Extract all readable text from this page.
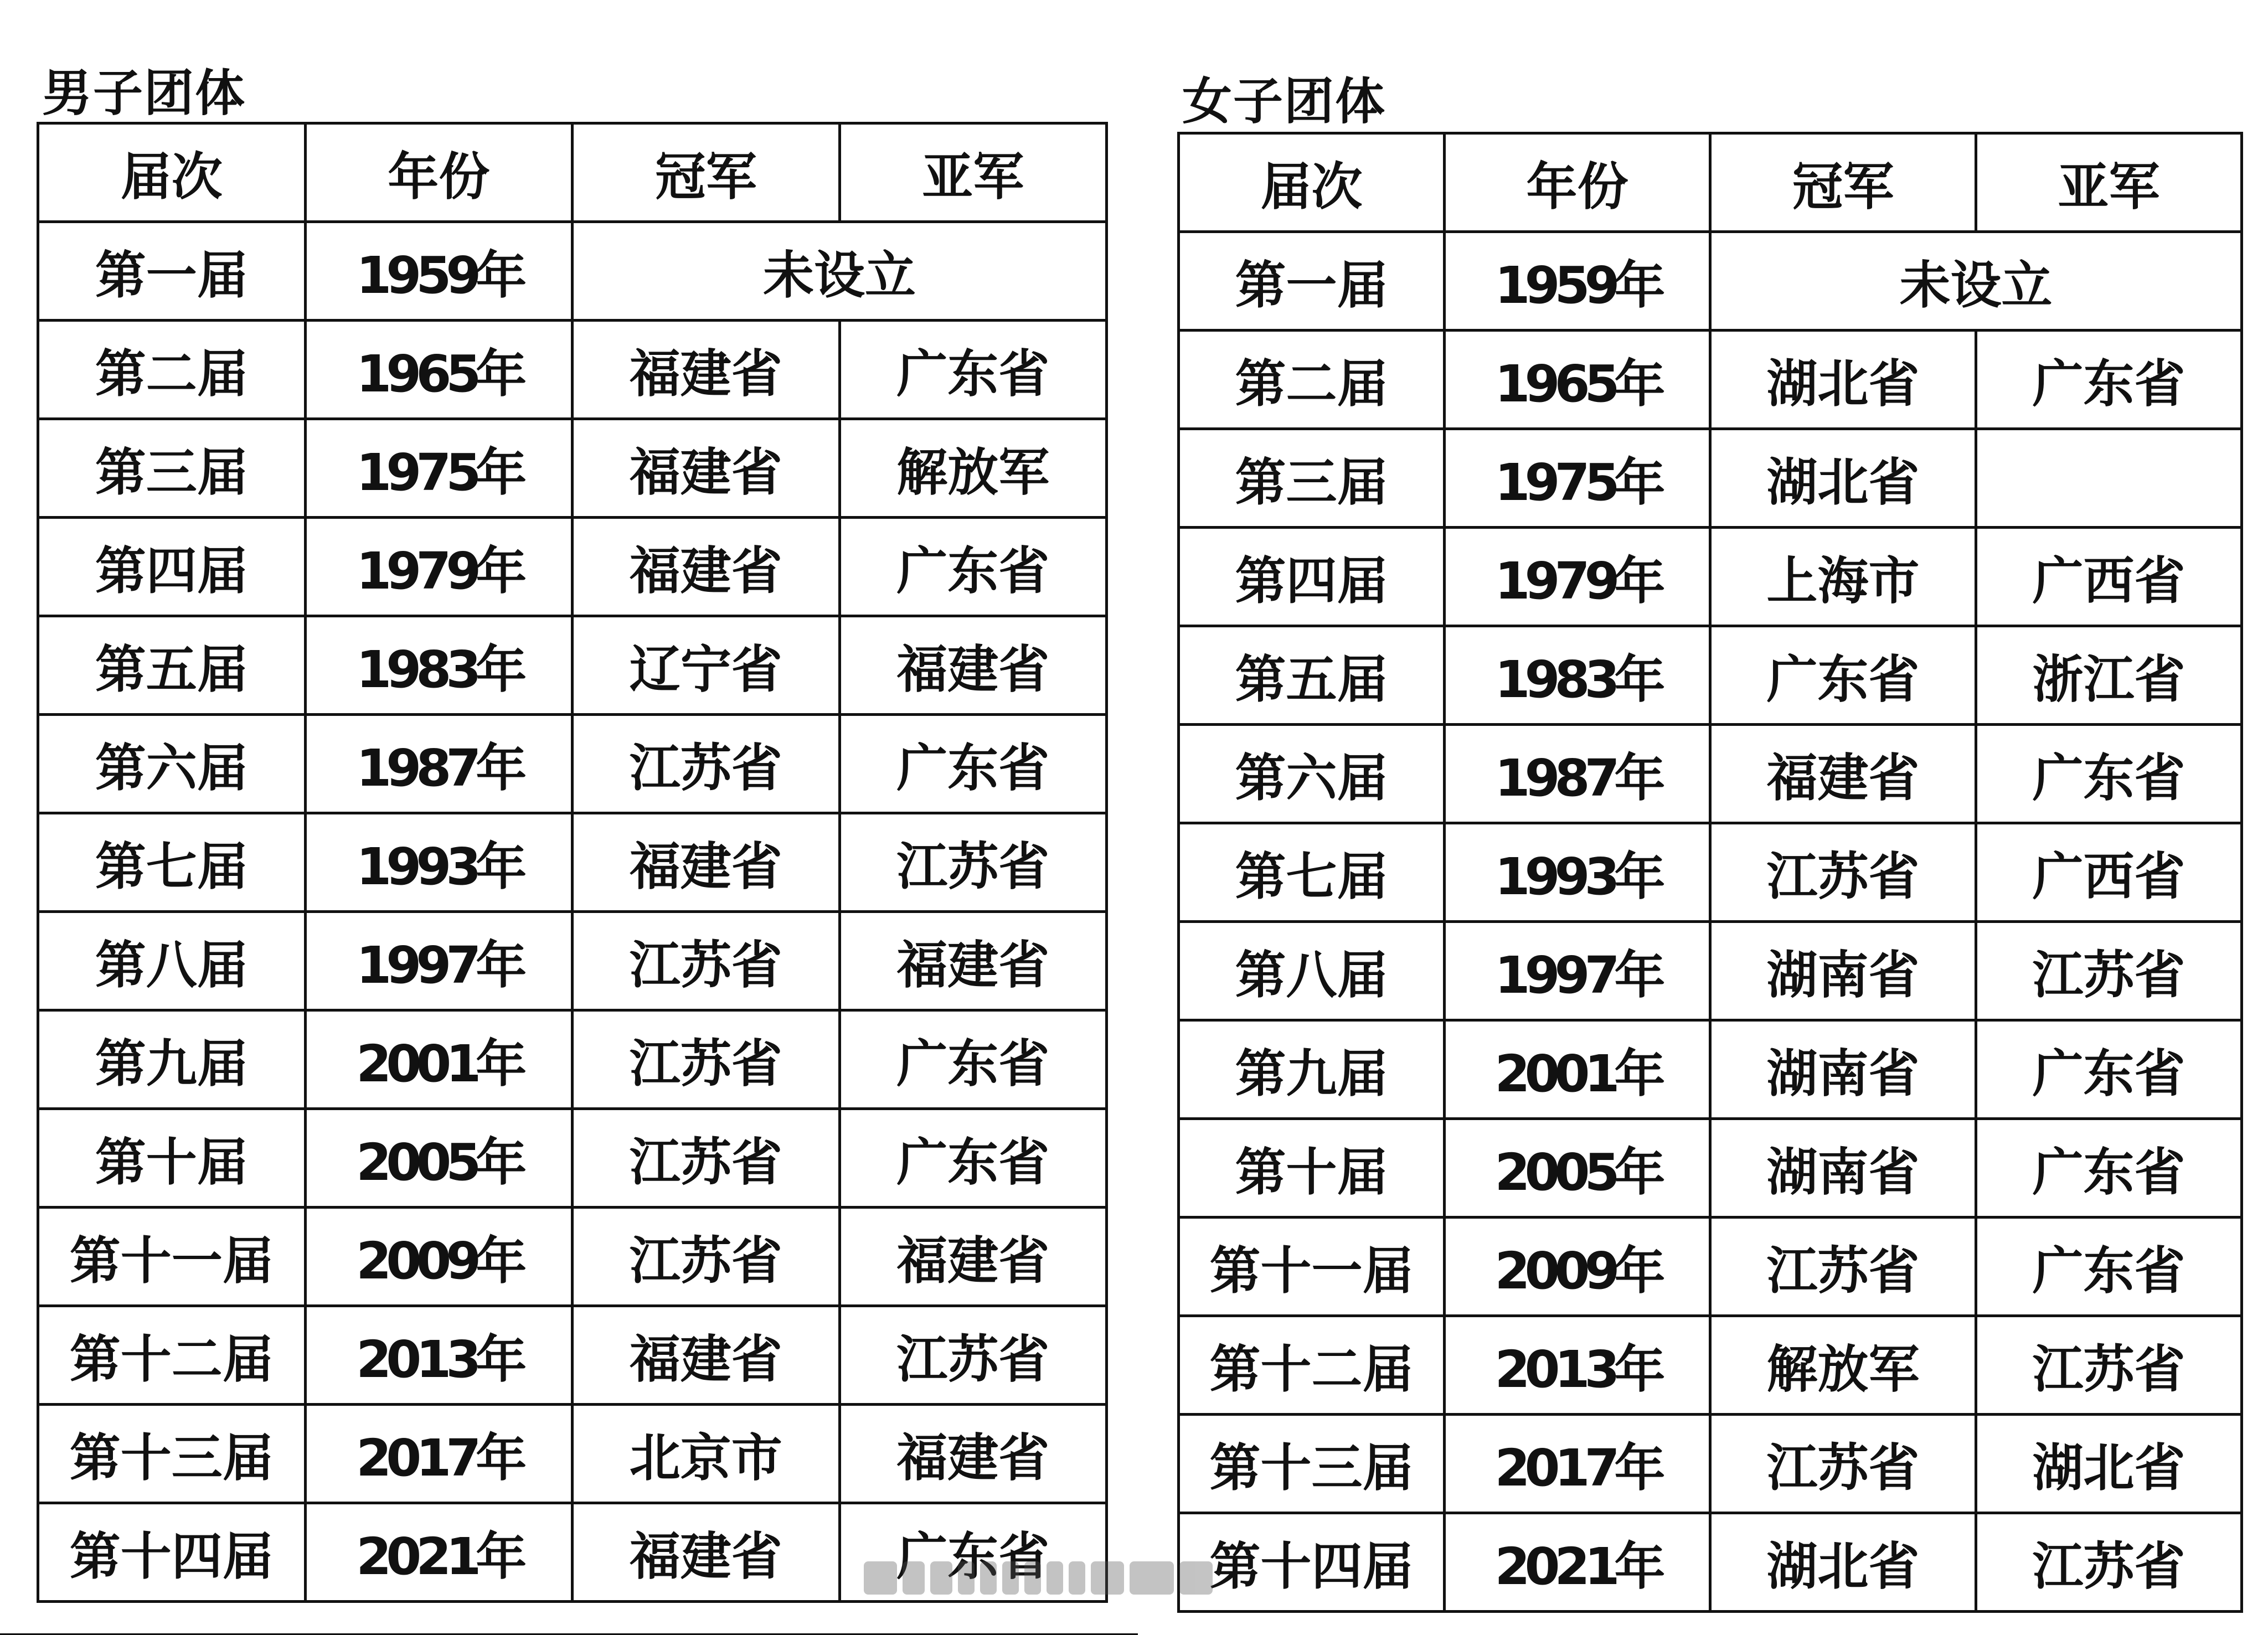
男子团体
届次	年份	冠军	亚军
第一届	1959年	未设立	
第二届	1965年	福建省	广东省
第三届	1975年	福建省	解放军
第四届	1979年	福建省	广东省
第五届	1983年	辽宁省	福建省
第六届	1987年	江苏省	广东省
第七届	1993年	福建省	江苏省
第八届	1997年	江苏省	福建省
第九届	2001年	江苏省	广东省
第十届	2005年	江苏省	广东省
第十一届	2009年	江苏省	福建省
第十二届	2013年	福建省	江苏省
第十三届	2017年	北京市	福建省
第十四届	2021年	福建省	广东省
女子团体
届次	年份	冠军	亚军
第一届	1959年	未设立	
第二届	1965年	湖北省	广东省
第三届	1975年	湖北省	
第四届	1979年	上海市	广西省
第五届	1983年	广东省	浙江省
第六届	1987年	福建省	广东省
第七届	1993年	江苏省	广西省
第八届	1997年	湖南省	江苏省
第九届	2001年	湖南省	广东省
第十届	2005年	湖南省	广东省
第十一届	2009年	江苏省	广东省
第十二届	2013年	解放军	江苏省
第十三届	2017年	江苏省	湖北省
第十四届	2021年	湖北省	江苏省
